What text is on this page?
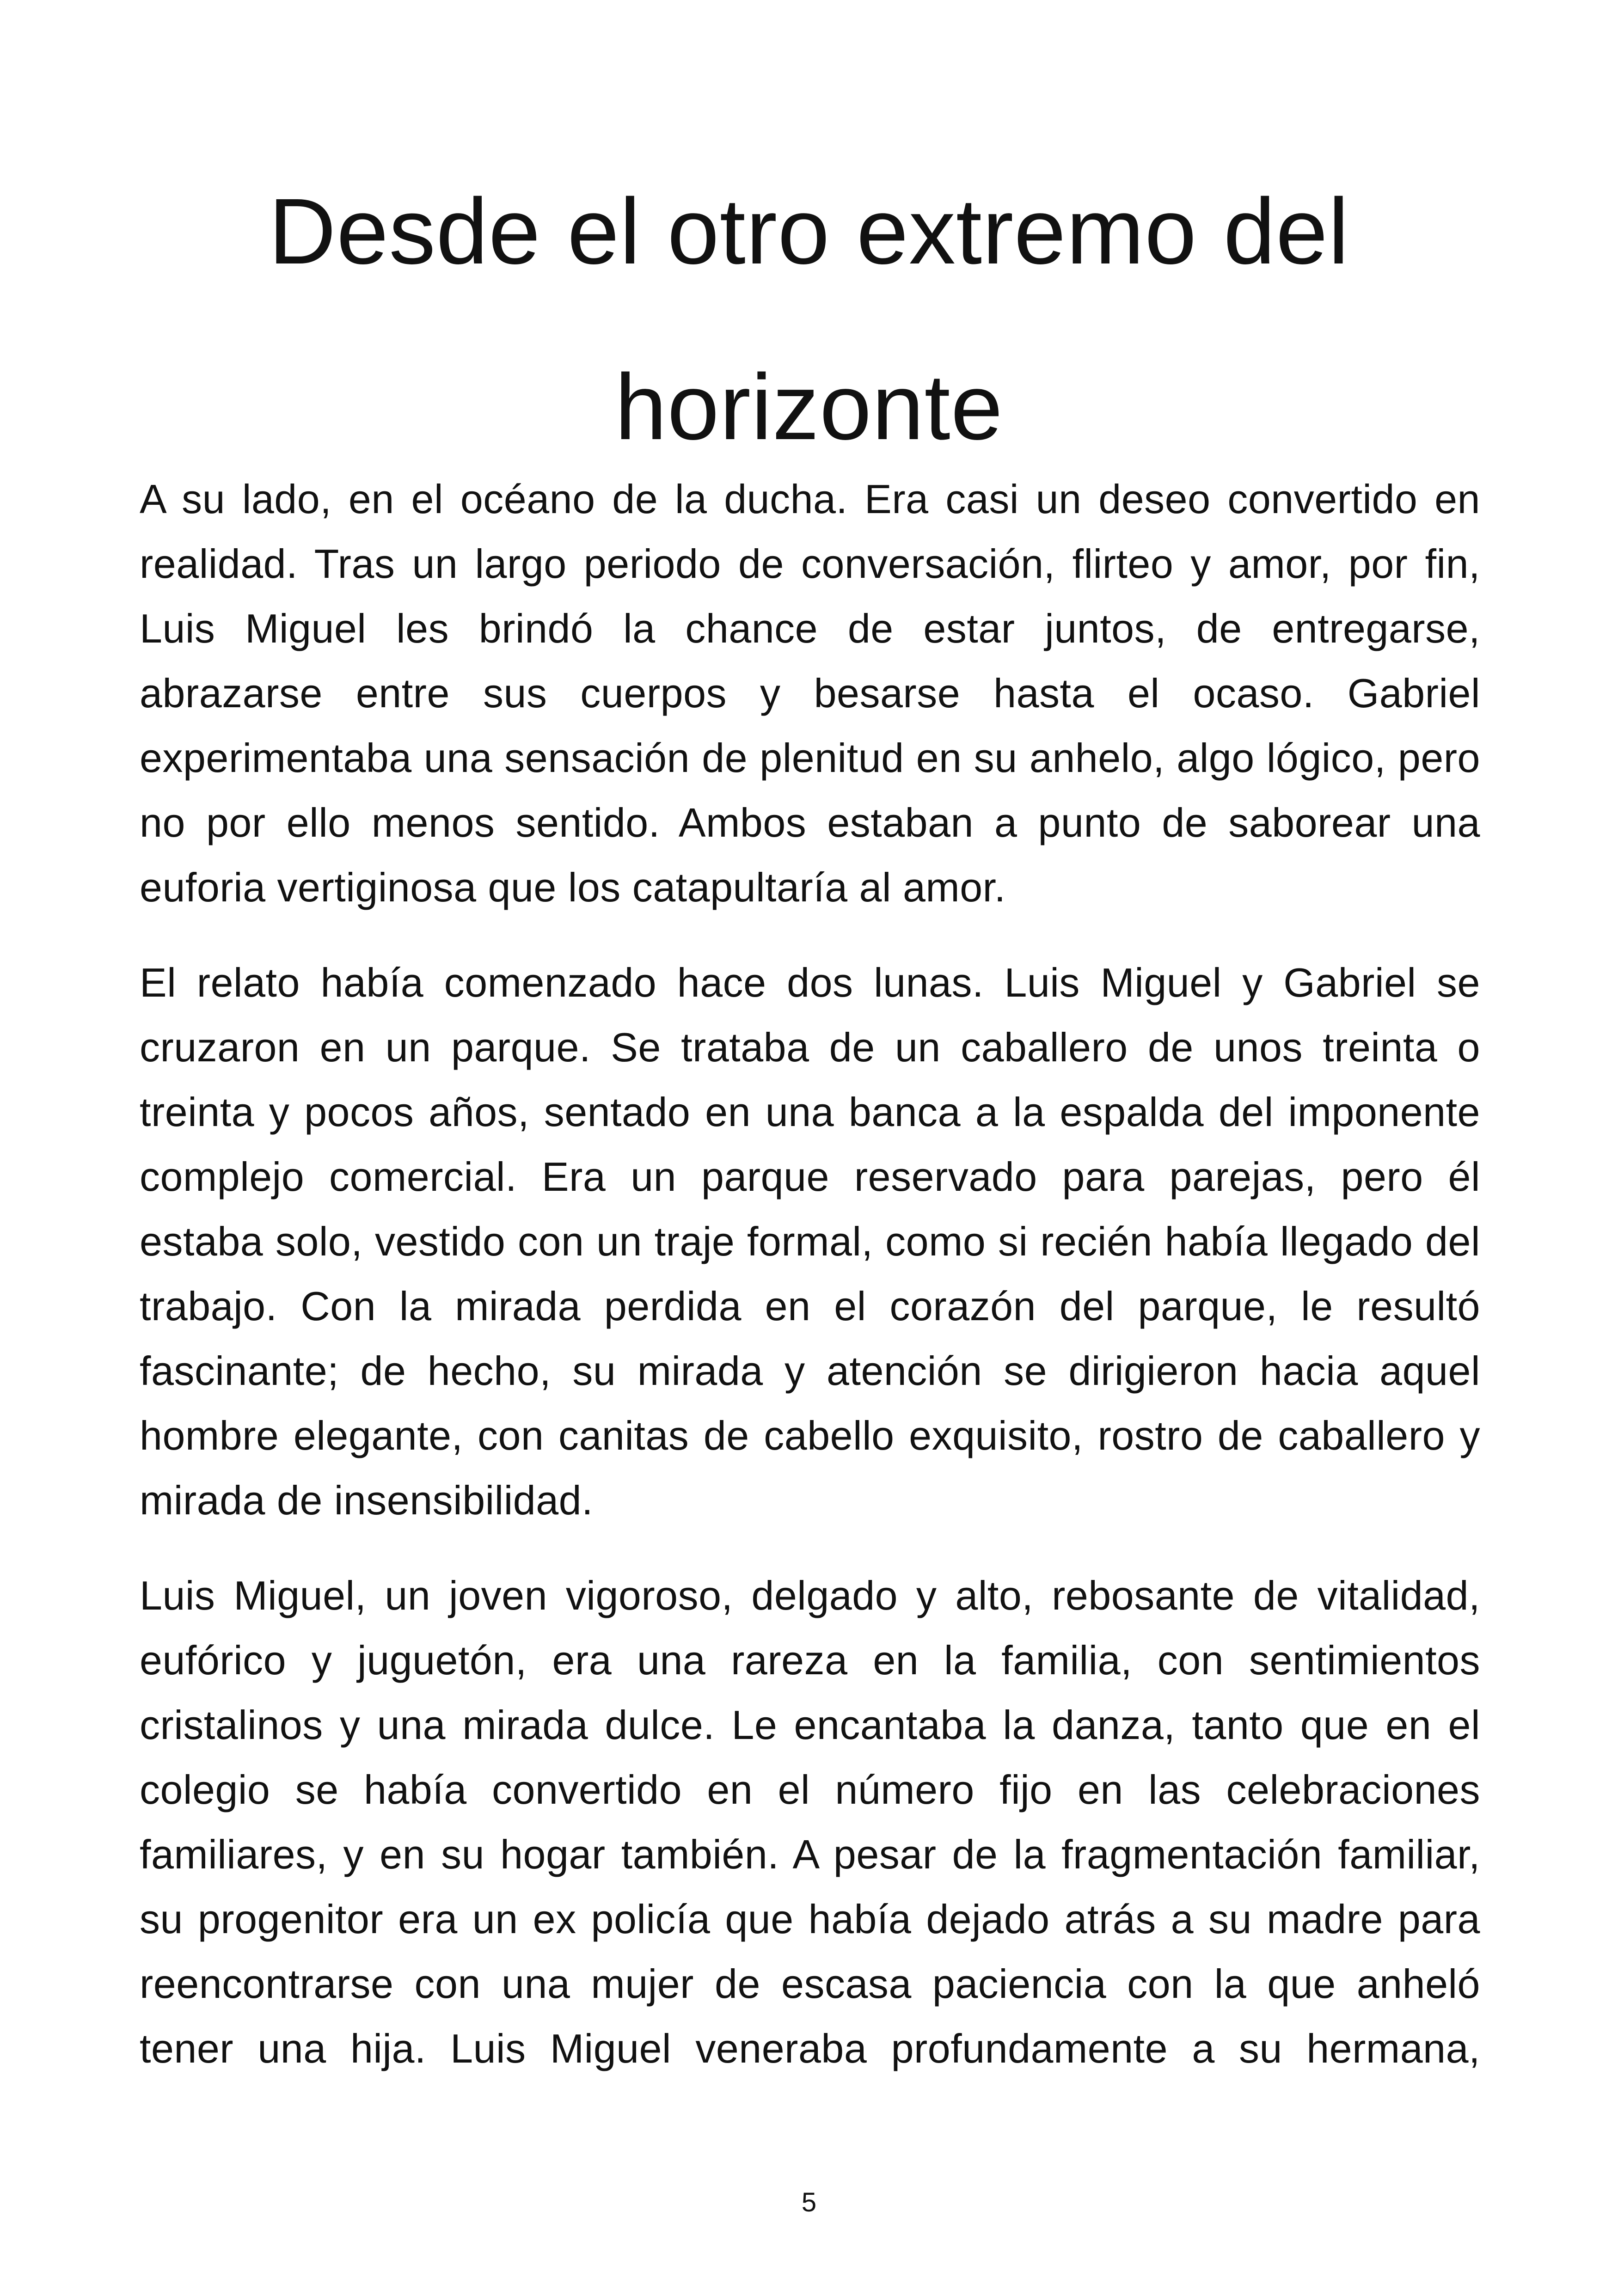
Desde el otro extremo del
horizonte

A su lado, en el océano de la ducha. Era casi un deseo convertido en realidad. Tras un largo periodo de conversación, flirteo y amor, por fin, Luis Miguel les brindó la chance de estar juntos, de entregarse, abrazarse entre sus cuerpos y besarse hasta el ocaso. Gabriel experimentaba una sensación de plenitud en su anhelo, algo lógico, pero no por ello menos sentido. Ambos estaban a punto de saborear una euforia vertiginosa que los catapultaría al amor.

El relato había comenzado hace dos lunas. Luis Miguel y Gabriel se cruzaron en un parque. Se trataba de un caballero de unos treinta o treinta y pocos años, sentado en una banca a la espalda del imponente complejo comercial. Era un parque reservado para parejas, pero él estaba solo, vestido con un traje formal, como si recién había llegado del trabajo. Con la mirada perdida en el corazón del parque, le resultó fascinante; de hecho, su mirada y atención se dirigieron hacia aquel hombre elegante, con canitas de cabello exquisito, rostro de caballero y mirada de insensibilidad.

Luis Miguel, un joven vigoroso, delgado y alto, rebosante de vitalidad, eufórico y juguetón, era una rareza en la familia, con sentimientos cristalinos y una mirada dulce. Le encantaba la danza, tanto que en el colegio se había convertido en el número fijo en las celebraciones familiares, y en su hogar también. A pesar de la fragmentación familiar, su progenitor era un ex policía que había dejado atrás a su madre para reencontrarse con una mujer de escasa paciencia con la que anheló tener una hija. Luis Miguel veneraba profundamente a su hermana,

5
